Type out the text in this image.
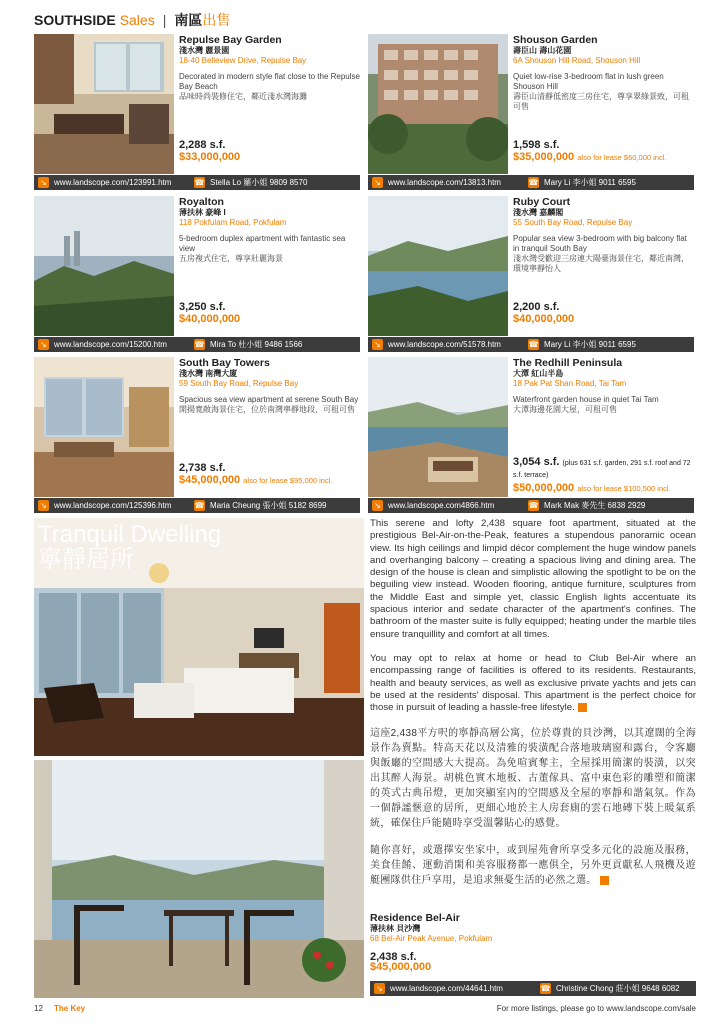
SOUTHSIDE Sales | 南區 出售
Repulse Bay Garden
淺水灣 麗景園
18-40 Belleview Drive, Repulse Bay
Decorated in modern style flat close to the Repulse Bay Beach
品味時尚裝修住宅，鄰近淺水灣海灘
2,288 s.f.
$33,000,000
↘ www.landscope.com/123991.htm	☎ Stella Lo 羅小姐 9809 8570
Shouson Garden
壽臣山 壽山花園
6A Shouson Hill Road, Shouson Hill
Quiet low-rise 3-bedroom flat in lush green Shouson Hill
壽臣山清靜低密度三房住宅，尊享翠綠景致，可租可售
1,598 s.f.
$35,000,000 also for lease $60,000 incl.
↘ www.landscope.com/13813.htm	☎ Mary Li 李小姐 9011 6595
Royalton
薄扶林 豪峰 I
118 Pokfulam Road, Pokfulam
5-bedroom duplex apartment with fantastic sea view
五房複式住宅，尊享壯麗海景
3,250 s.f.
$40,000,000
↘ www.landscope.com/15200.htm	☎ Mira To 杜小姐 9486 1566
Ruby Court
淺水灣 嘉麟閣
55 South Bay Road, Repulse Bay
Popular sea view 3-bedroom with big balcony flat in tranquil South Bay
淺水灣受歡迎三房連大陽臺海景住宅，鄰近南灣，環境寧靜怡人
2,200 s.f.
$40,000,000
↘ www.landscope.com/51578.htm	☎ Mary Li 李小姐 9011 6595
South Bay Towers
淺水灣 南灣大廈
59 South Bay Road, Repulse Bay
Spacious sea view apartment at serene South Bay
開揚寬敞海景住宅，位於南灣寧靜地段，可租可售
2,738 s.f.
$45,000,000 also for lease $95,000 incl.
↘ www.landscope.com/125396.htm	☎ Maria Cheung 張小姐 5182 8699
The Redhill Peninsula
大潭 紅山半島
18 Pak Pat Shan Road, Tai Tam
Waterfront garden house in quiet Tai Tam
大潭海邊花園大屋，可租可售
3,054 s.f. (plus 631 s.f. garden, 291 s.f. roof and 72 s.f. terrace)
$50,000,000 also for lease $100,500 incl.
↘ www.landscope.com4866.htm	☎ Mark Mak 麥先生 6838 2929
Tranquil Dwelling
寧靜居所

This serene and lofty 2,438 square foot apartment, situated at the prestigious Bel-Air-on-the-Peak, features a stupendous panoramic ocean view. Its high ceilings and limpid décor complement the huge window panels and overhanging balcony – creating a spacious living and dining area. The design of the house is clean and simplistic allowing the spotlight to be on the beguiling view instead. Wooden flooring, antique furniture, sculptures from the Middle East and simple yet, classic English lights accentuate its spacious interior and sedate character of the apartment's confines. The bathroom of the master suite is fully equipped; heating under the marble tiles ensure tranquillity and comfort at all times.

You may opt to relax at home or head to Club Bel-Air where an encompassing range of facilities is offered to its residents. Restaurants, health and beauty services, as well as exclusive private yachts and jets can be used at the residents' disposal. This apartment is the perfect choice for those in pursuit of leading a hassle-free lifestyle.

這座2,438平方呎的寧靜高層公寓，位於尊貴的貝沙灣，以其遼闊的全海景作為賣點。特高天花以及清雅的裝潢配合落地玻璃窗和露台，令客廳與飯廳的空間感大大提高。為免喧賓奪主，全屋採用簡潔的裝潢，以突出其醉人海景。胡桃色實木地板、古董傢具、富中東色彩的雕塑和簡潔的英式古典吊燈，更加突顯室內的空間感及全屋的寧靜和諧氣氛。作為一個靜謐愜意的居所，更細心地於主人房套廁的雲石地磚下裝上暖氣系統，確保住戶能隨時享受溫馨貼心的感覺。

隨你喜好，或選擇安坐家中，或到屋苑會所享受多元化的設施及服務，美食佳餚、運動消閑和美容服務都一應俱全，另外更貢獻私人飛機及遊艇團隊供住戶享用，是追求無憂生活的必然之選。

Residence Bel-Air
薄扶林 貝沙灣
68 Bel-Air Peak Avenue, Pokfulam
2,438 s.f.
$45,000,000
↘ www.landscope.com/44641.htm	☎ Christine Chong 莊小姐 9648 6082
12 The Key	For more listings, please go to www.landscope.com/sale
